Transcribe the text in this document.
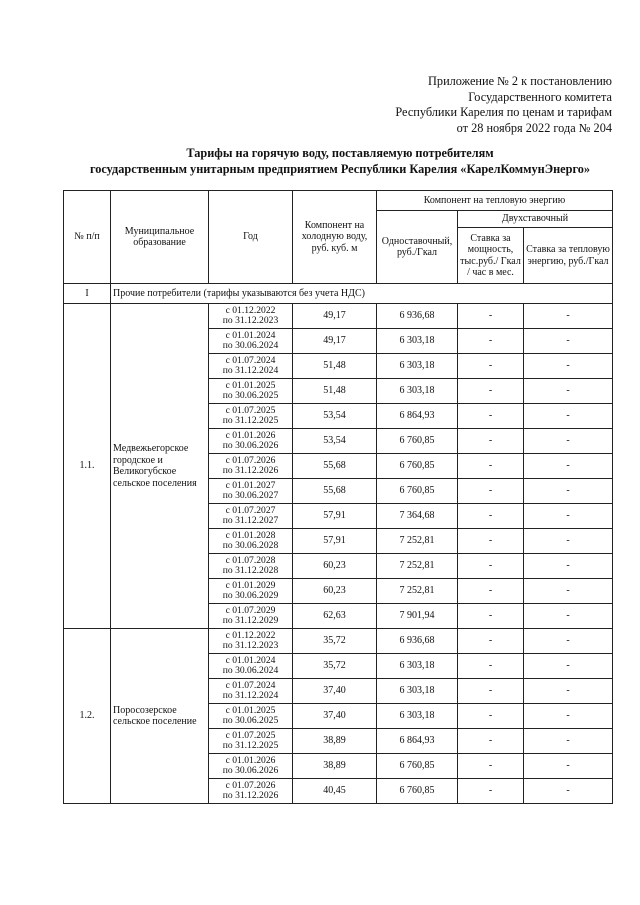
Приложение № 2 к постановлению
Государственного комитета
Республики Карелия по ценам и тарифам
от 28 ноября 2022 года № 204
Тарифы на горячую воду, поставляемую потребителям
государственным унитарным предприятием Республики Карелия «КарелКоммунЭнерго»
№ п/п	Муниципальное образование	Год	Компонент на холодную воду, руб. куб. м	Компонент на тепловую энергию		
				Одноставочный, руб./Гкал	Двухставочный	
					Ставка за мощность, тыс.руб./ Гкал / час в мес.	Ставка за тепловую энергию, руб./Гкал
I	Прочие потребители (тарифы указываются без учета НДС)					
1.1.	Медвежьегорское городское и Великогубское сельское поселения	с 01.12.2022
по 31.12.2023	49,17	6 936,68	-	-

		с 01.01.2024
по 30.06.2024	49,17	6 303,18	-	-

		с 01.07.2024
по 31.12.2024	51,48	6 303,18	-	-

		с 01.01.2025
по 30.06.2025	51,48	6 303,18	-	-

		с 01.07.2025
по 31.12.2025	53,54	6 864,93	-	-

		с 01.01.2026
по 30.06.2026	53,54	6 760,85	-	-

		с 01.07.2026
по 31.12.2026	55,68	6 760,85	-	-

		с 01.01.2027
по 30.06.2027	55,68	6 760,85	-	-

		с 01.07.2027
по 31.12.2027	57,91	7 364,68	-	-

		с 01.01.2028
по 30.06.2028	57,91	7 252,81	-	-

		с 01.07.2028
по 31.12.2028	60,23	7 252,81	-	-

		с 01.01.2029
по 30.06.2029	60,23	7 252,81	-	-

		с 01.07.2029
по 31.12.2029	62,63	7 901,94	-	-
1.2.	Поросозерское сельское поселение	с 01.12.2022
по 31.12.2023	35,72	6 936,68	-	-

		с 01.01.2024
по 30.06.2024	35,72	6 303,18	-	-

		с 01.07.2024
по 31.12.2024	37,40	6 303,18	-	-

		с 01.01.2025
по 30.06.2025	37,40	6 303,18	-	-

		с 01.07.2025
по 31.12.2025	38,89	6 864,93	-	-

		с 01.01.2026
по 30.06.2026	38,89	6 760,85	-	-

		с 01.07.2026
по 31.12.2026	40,45	6 760,85	-	-
